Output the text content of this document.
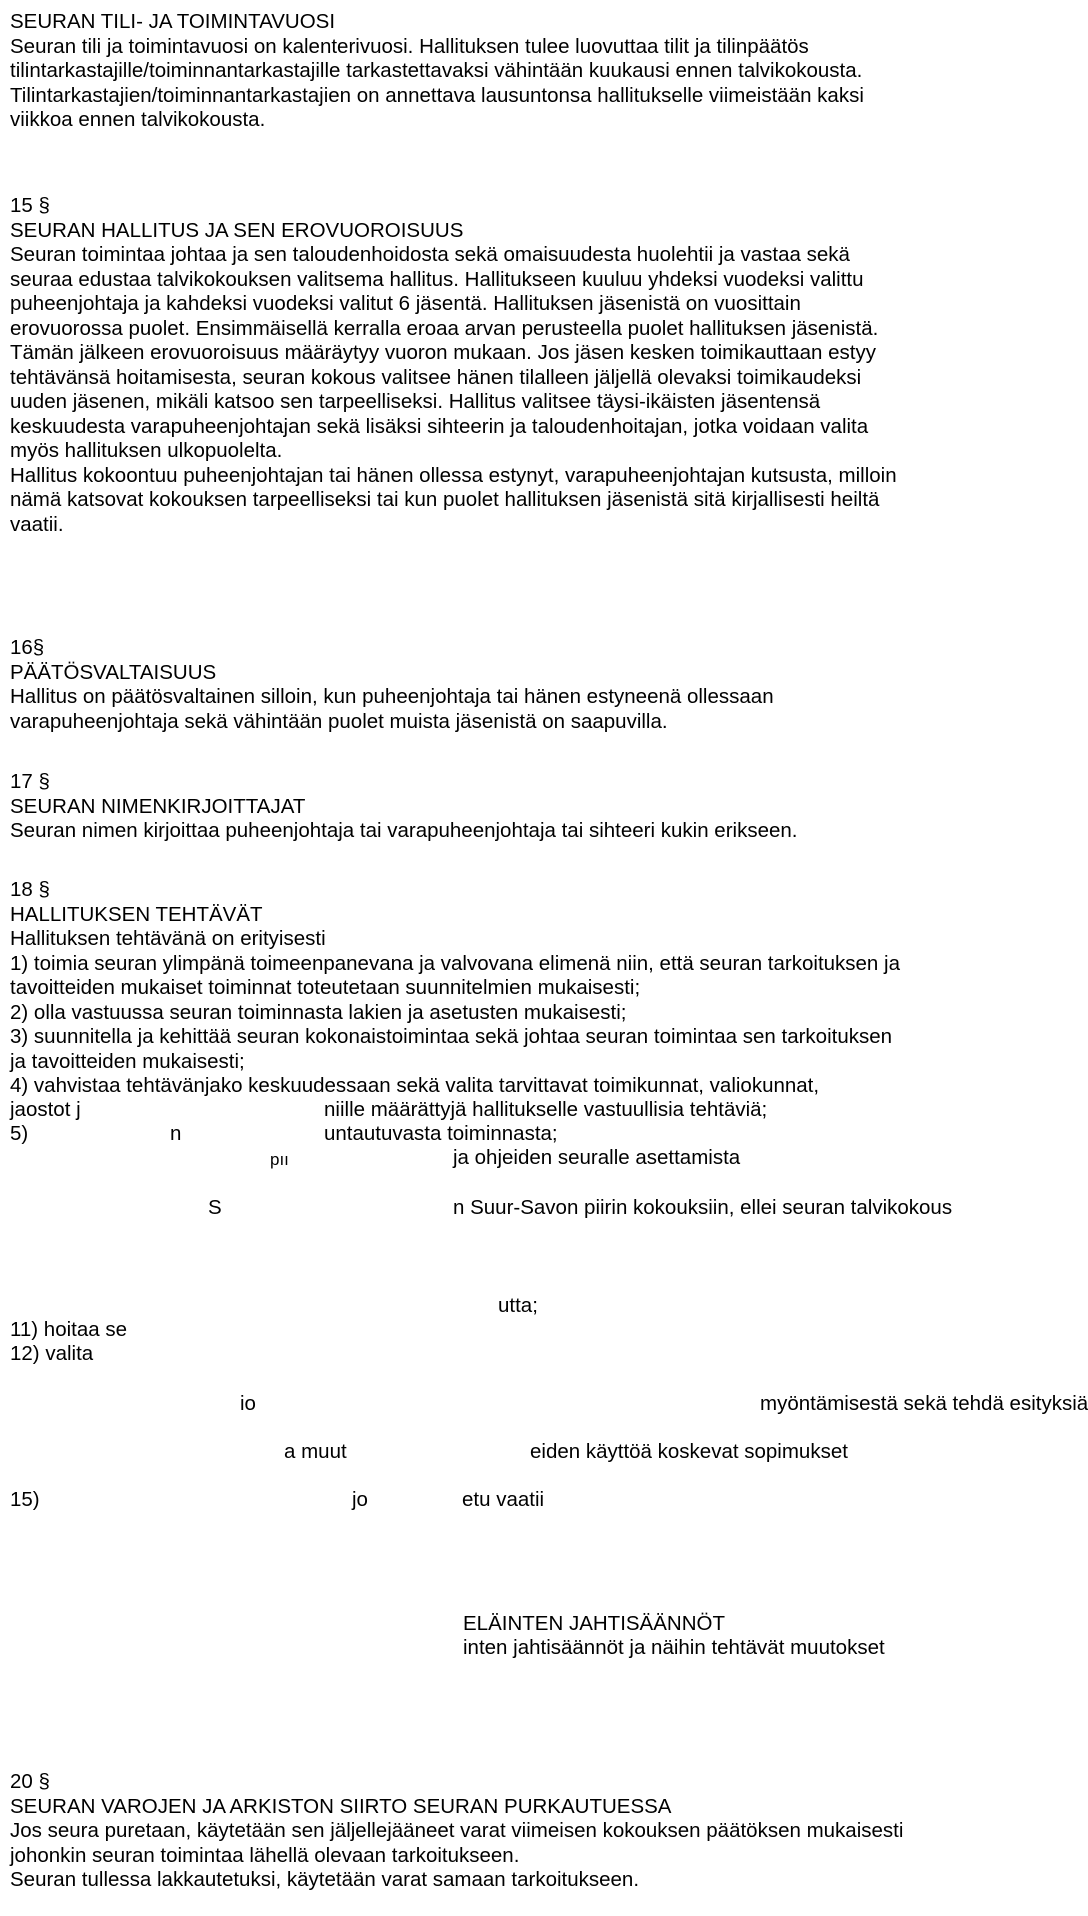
SEURAN TILI- JA TOIMINTAVUOSI

Seuran tili ja toimintavuosi on kalenterivuosi. Hallituksen tulee luovuttaa tilit ja tilinpäätös

tilintarkastajille/toiminnantarkastajille tarkastettavaksi vähintään kuukausi ennen talvikokousta.

Tilintarkastajien/toiminnantarkastajien on annettava lausuntonsa hallitukselle viimeistään kaksi

viikkoa ennen talvikokousta.

15 §

SEURAN HALLITUS JA SEN EROVUOROISUUS

Seuran toimintaa johtaa ja sen taloudenhoidosta sekä omaisuudesta huolehtii ja vastaa sekä

seuraa edustaa talvikokouksen valitsema hallitus. Hallitukseen kuuluu yhdeksi vuodeksi valittu

puheenjohtaja ja kahdeksi vuodeksi valitut 6 jäsentä. Hallituksen jäsenistä on vuosittain

erovuorossa puolet. Ensimmäisellä kerralla eroaa arvan perusteella puolet hallituksen jäsenistä.

Tämän jälkeen erovuoroisuus määräytyy vuoron mukaan. Jos jäsen kesken toimikauttaan estyy

tehtävänsä hoitamisesta, seuran kokous valitsee hänen tilalleen jäljellä olevaksi toimikaudeksi

uuden jäsenen, mikäli katsoo sen tarpeelliseksi. Hallitus valitsee täysi-ikäisten jäsentensä

keskuudesta varapuheenjohtajan sekä lisäksi sihteerin ja taloudenhoitajan, jotka voidaan valita

myös hallituksen ulkopuolelta.

Hallitus kokoontuu puheenjohtajan tai hänen ollessa estynyt, varapuheenjohtajan kutsusta, milloin

nämä katsovat kokouksen tarpeelliseksi tai kun puolet hallituksen jäsenistä sitä kirjallisesti heiltä

vaatii.

16§

PÄÄTÖSVALTAISUUS

Hallitus on päätösvaltainen silloin, kun puheenjohtaja tai hänen estyneenä ollessaan

varapuheenjohtaja sekä vähintään puolet muista jäsenistä on saapuvilla.

17 §

SEURAN NIMENKIRJOITTAJAT

Seuran nimen kirjoittaa puheenjohtaja tai varapuheenjohtaja tai sihteeri kukin erikseen.

18 §

HALLITUKSEN TEHTÄVÄT

Hallituksen tehtävänä on erityisesti

1) toimia seuran ylimpänä toimeenpanevana ja valvovana elimenä niin, että seuran tarkoituksen ja

tavoitteiden mukaiset toiminnat toteutetaan suunnitelmien mukaisesti;

2) olla vastuussa seuran toiminnasta lakien ja asetusten mukaisesti;

3) suunnitella ja kehittää seuran kokonaistoimintaa sekä johtaa seuran toimintaa sen tarkoituksen

ja tavoitteiden mukaisesti;

4) vahvistaa tehtävänjako keskuudessaan sekä valita tarvittavat toimikunnat, valiokunnat,

jaostot j	niille määrättyjä hallitukselle vastuullisia tehtäviä;
5)	n	untautuvasta toiminnasta;
pıı	ja ohjeiden seuralle asettamista
S	n Suur-Savon piirin kokouksiin, ellei seuran talvikokous
utta;
11) hoitaa se
12) valita
io	myöntämisestä sekä tehdä esityksiä
a muut	eiden käyttöä koskevat sopimukset
15)	jo	etu vaatii
ELÄINTEN JAHTISÄÄNNÖT
inten jahtisäännöt ja näihin tehtävät muutokset

20 §

SEURAN VAROJEN JA ARKISTON SIIRTO SEURAN PURKAUTUESSA

Jos seura puretaan, käytetään sen jäljellejääneet varat viimeisen kokouksen päätöksen mukaisesti

johonkin seuran toimintaa lähellä olevaan tarkoitukseen.

Seuran tullessa lakkautetuksi, käytetään varat samaan tarkoitukseen.
